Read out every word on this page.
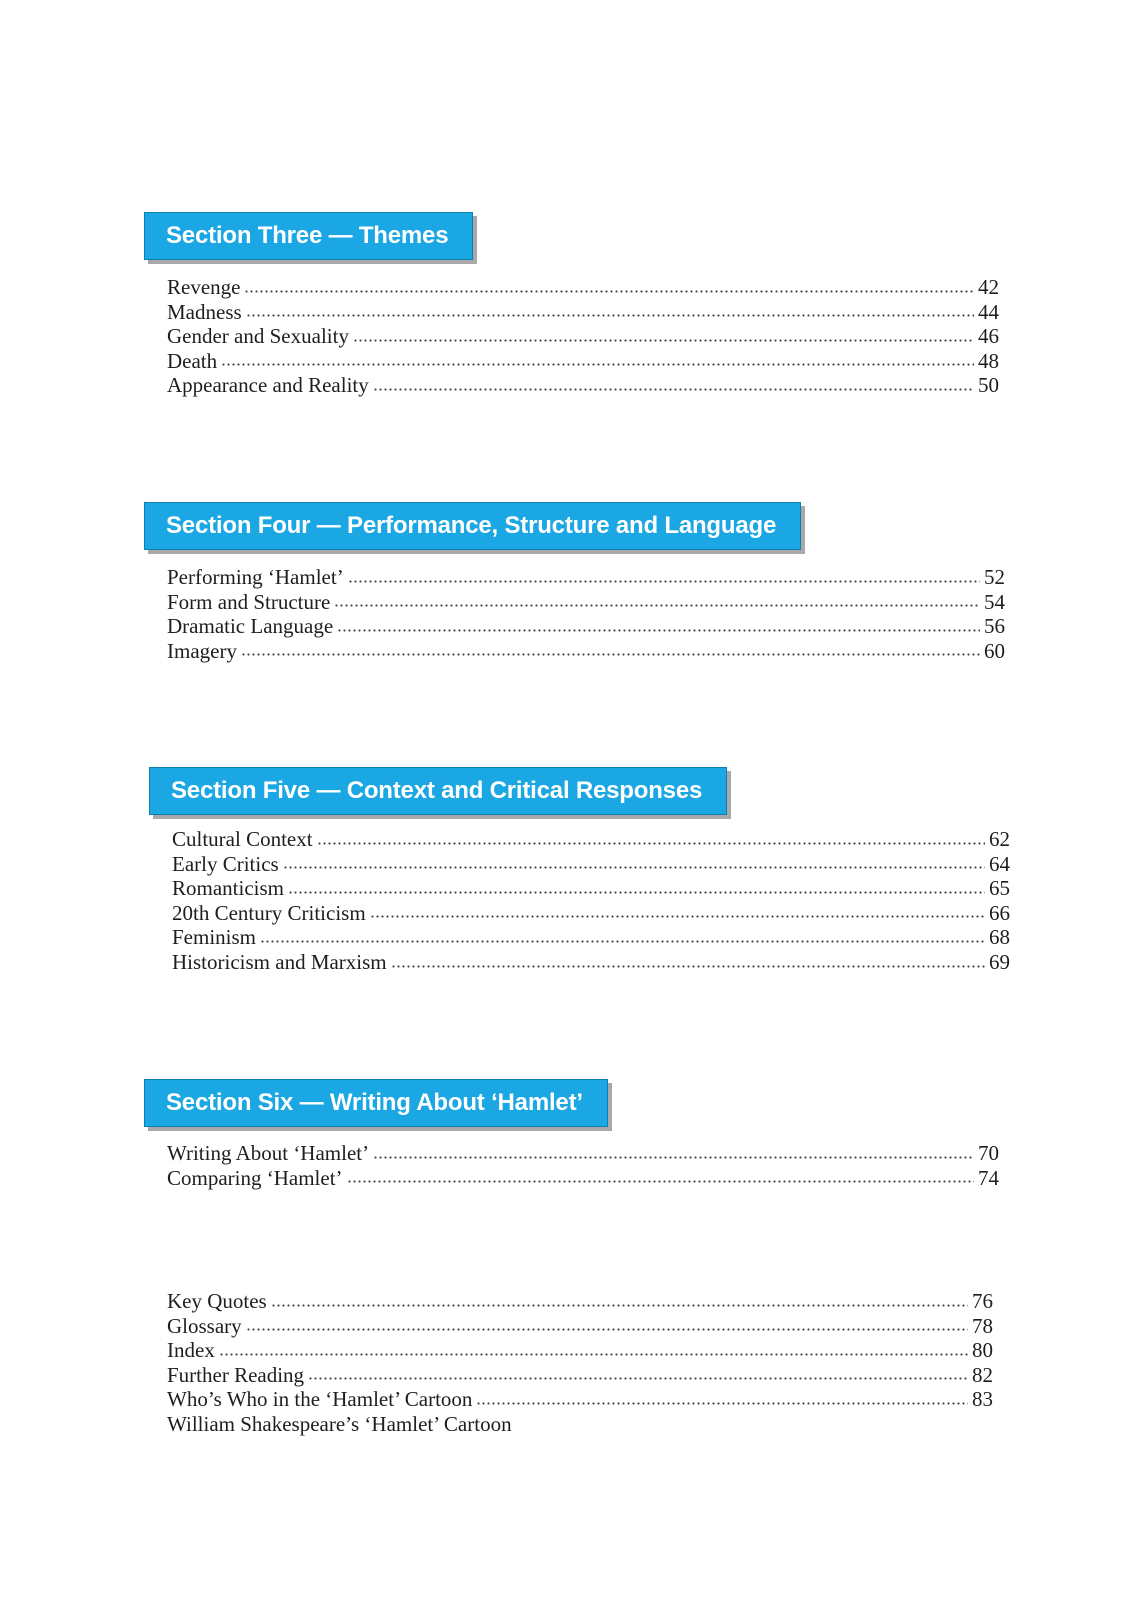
Section Three — Themes
Revenge	42
Madness	44
Gender and Sexuality	46
Death	48
Appearance and Reality	50
Section Four — Performance, Structure and Language
Performing ‘Hamlet’	52
Form and Structure	54
Dramatic Language	56
Imagery	60
Section Five — Context and Critical Responses
Cultural Context	62
Early Critics	64
Romanticism	65
20th Century Criticism	66
Feminism	68
Historicism and Marxism	69
Section Six — Writing About ‘Hamlet’
Writing About ‘Hamlet’	70
Comparing ‘Hamlet’	74
Key Quotes	76
Glossary	78
Index	80
Further Reading	82
Who’s Who in the ‘Hamlet’ Cartoon	83
William Shakespeare’s ‘Hamlet’ Cartoon
